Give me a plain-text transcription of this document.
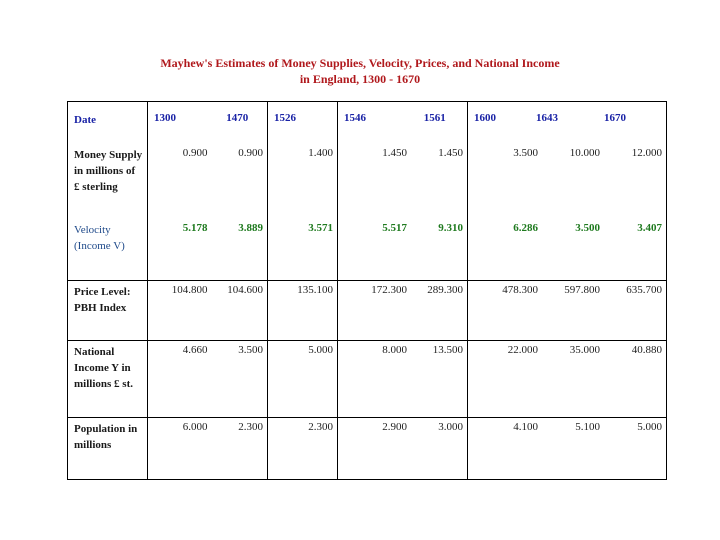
Mayhew's Estimates of Money Supplies, Velocity, Prices, and National Income
in England, 1300 - 1670
Date	1300 1470	1526	1546 1561	1600 1643 1670
Money Supply in millions of £ sterling	0.900 0.900	1.400	1.450 1.450	3.500 10.000 12.000

Velocity (Income V)	5.178 3.889	3.571	5.517 9.310	6.286 3.500 3.407

Price Level: PBH Index	104.800 104.600	135.100	172.300 289.300	478.300 597.800 635.700

National Income Y in millions £ st.	4.660 3.500	5.000	8.000 13.500	22.000 35.000 40.880

Population in millions	6.000 2.300	2.300	2.900 3.000	4.100 5.100 5.000
